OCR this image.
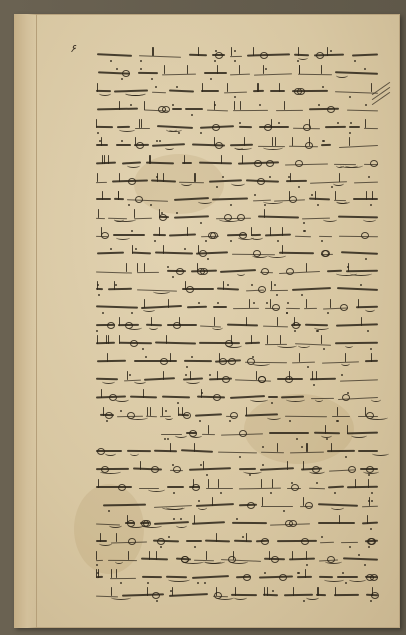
۶
